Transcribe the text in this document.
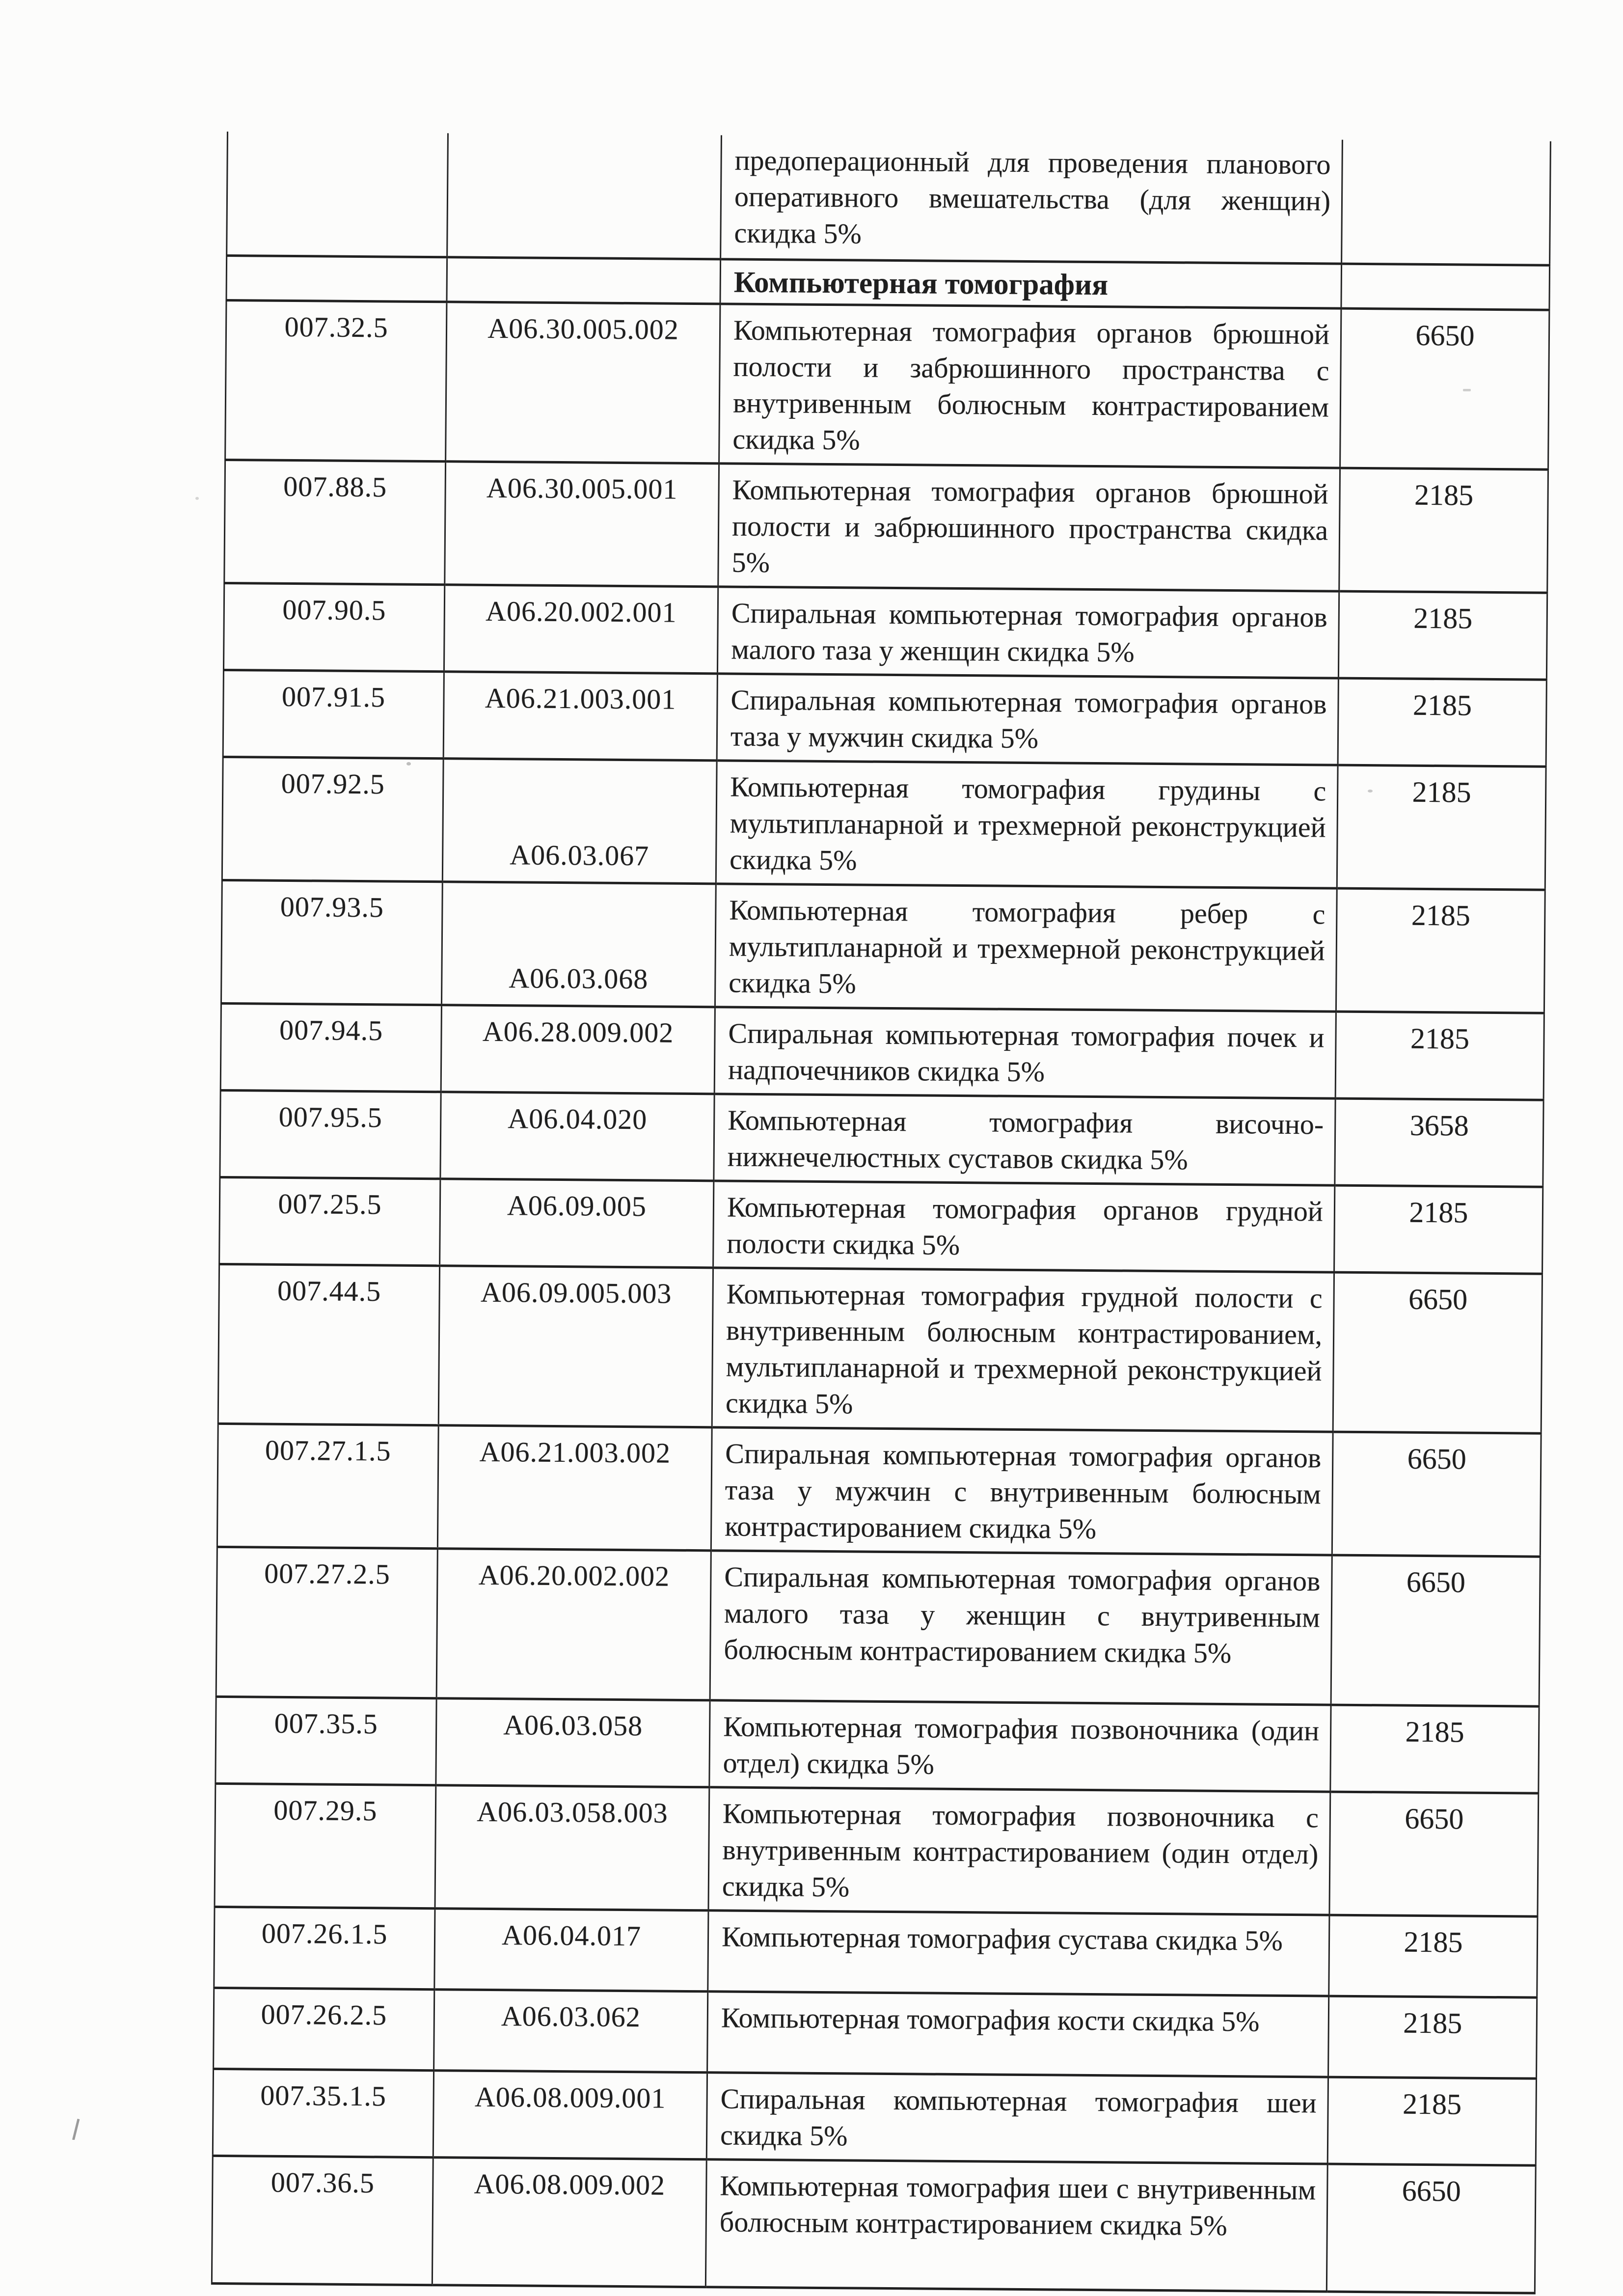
		предоперационный для проведения планового оперативного вмешательства (для женщин) скидка 5%	
		Компьютерная томография	
007.32.5	A06.30.005.002	Компьютерная томография органов брюшной полости и забрюшинного пространства с внутривенным болюсным контрастированием скидка 5%	6650
007.88.5	A06.30.005.001	Компьютерная томография органов брюшной полости и забрюшинного пространства скидка 5%	2185
007.90.5	A06.20.002.001	Спиральная компьютерная томография органов малого таза у женщин скидка 5%	2185
007.91.5	A06.21.003.001	Спиральная компьютерная томография органов таза у мужчин скидка 5%	2185
007.92.5	A06.03.067	Компьютерная томография грудины с мультипланарной и трехмерной реконструкцией скидка 5%	2185
007.93.5	A06.03.068	Компьютерная томография ребер с мультипланарной и трехмерной реконструкцией скидка 5%	2185
007.94.5	A06.28.009.002	Спиральная компьютерная томография почек и надпочечников скидка 5%	2185
007.95.5	A06.04.020	Компьютерная томография височно-нижнечелюстных суставов скидка 5%	3658
007.25.5	A06.09.005	Компьютерная томография органов грудной полости скидка 5%	2185
007.44.5	A06.09.005.003	Компьютерная томография грудной полости с внутривенным болюсным контрастированием, мультипланарной и трехмерной реконструкцией скидка 5%	6650
007.27.1.5	A06.21.003.002	Спиральная компьютерная томография органов таза у мужчин с внутривенным болюсным контрастированием скидка 5%	6650
007.27.2.5	A06.20.002.002	Спиральная компьютерная томография органов малого таза у женщин с внутривенным болюсным контрастированием скидка 5%	6650
007.35.5	A06.03.058	Компьютерная томография позвоночника (один отдел) скидка 5%	2185
007.29.5	A06.03.058.003	Компьютерная томография позвоночника с внутривенным контрастированием (один отдел) скидка 5%	6650
007.26.1.5	A06.04.017	Компьютерная томография сустава скидка 5%	2185
007.26.2.5	A06.03.062	Компьютерная томография кости скидка 5%	2185
007.35.1.5	A06.08.009.001	Спиральная компьютерная томография шеи скидка 5%	2185
007.36.5	A06.08.009.002	Компьютерная томография шеи с внутривенным болюсным контрастированием скидка 5%	6650
